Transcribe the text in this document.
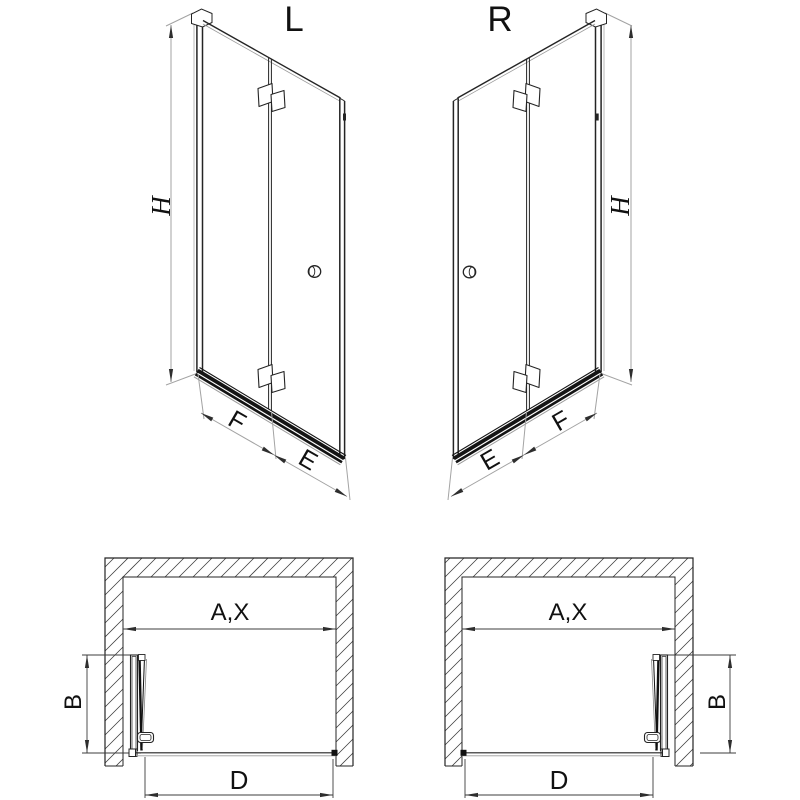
L
H
F
E
R
H
F
E
A,X
B
D
A,X
B
D
